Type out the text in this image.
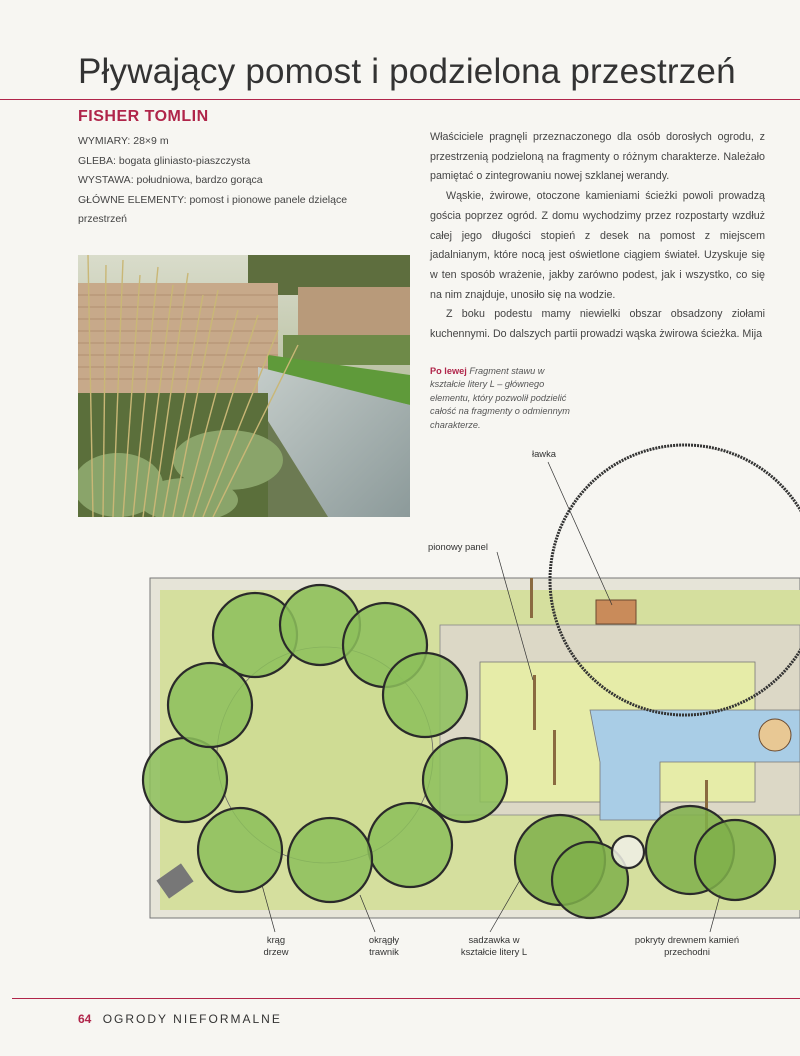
Pływający pomost i podzielona przestrzeń
FISHER TOMLIN
WYMIARY: 28×9 m
GLEBA: bogata gliniasto-piaszczysta
WYSTAWA: południowa, bardzo gorąca
GŁÓWNE ELEMENTY: pomost i pionowe panele dzielące przestrzeń

Właściciele pragnęli przeznaczonego dla osób dorosłych ogrodu, z przestrzenią podzieloną na fragmenty o różnym charakterze. Należało pamiętać o zintegrowaniu nowej szklanej werandy.

Wąskie, żwirowe, otoczone kamieniami ścieżki powoli prowadzą gościa poprzez ogród. Z domu wychodzimy przez rozpostarty wzdłuż całej jego długości stopień z desek na pomost z miejscem jadalnianym, które nocą jest oświetlone ciągiem świateł. Uzyskuje się w ten sposób wrażenie, jakby zarówno podest, jak i wszystko, co się na nim znajduje, unosiło się na wodzie.

Z boku podestu mamy niewielki obszar obsadzony ziołami kuchennymi. Do dalszych partii prowadzi wąska żwirowa ścieżka. Mija

Po lewej Fragment stawu w kształcie litery L – głównego elementu, który pozwolił podzielić całość na fragmenty o odmiennym charakterze.
ławka
pionowy panel
krąg drzew
okrągły trawnik
sadzawka w kształcie litery L
pokryty drewnem kamień przechodni
64 OGRODY NIEFORMALNE
